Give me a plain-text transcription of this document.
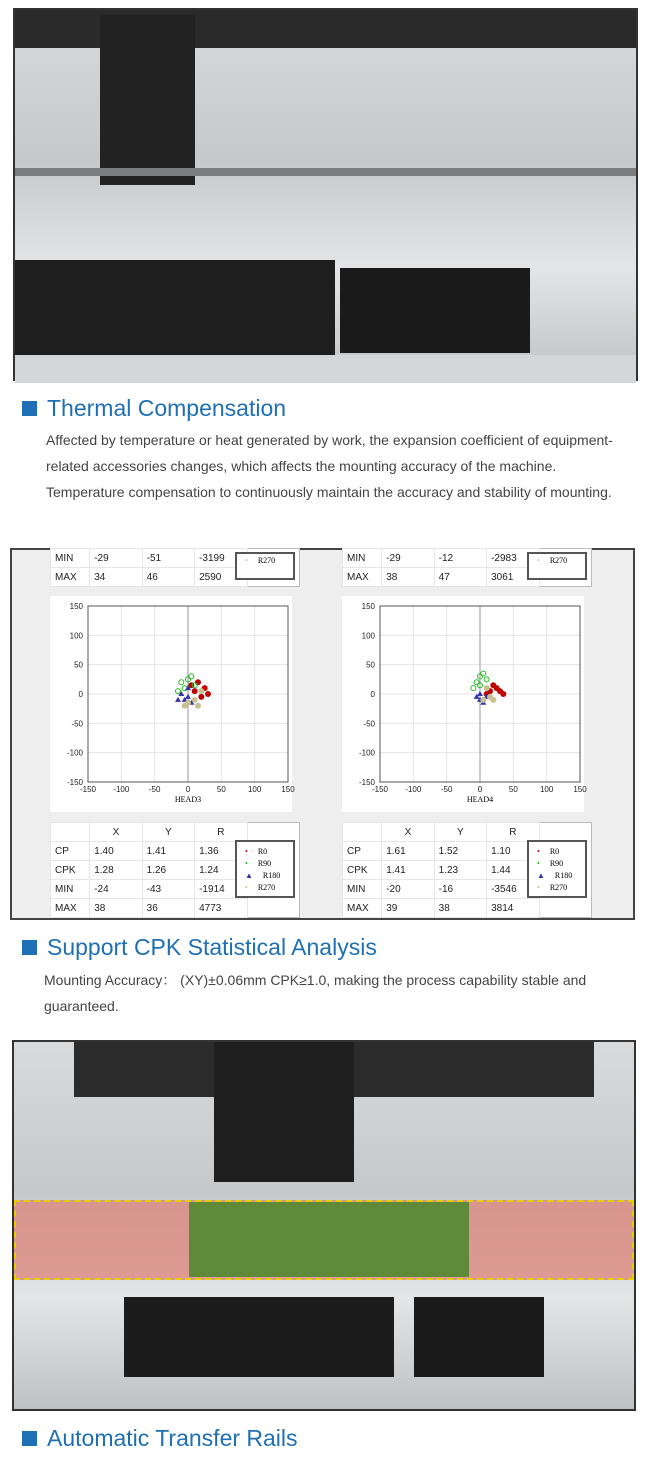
Thermal Compensation
Affected by temperature or heat generated by work, the expansion coefficient of equipment-related accessories changes, which affects the mounting accuracy of the machine. Temperature compensation to continuously maintain the accuracy and stability of mounting.
MIN	-29	-51	-3199	
MAX	34	46	2590	
• R270
-150
-150
-100
-100
-50
-50
0
0
50
50
100
100
150
150
HEAD3
	X	Y	R	
CP	1.40	1.41	1.36	
CPK	1.28	1.26	1.24	
MIN	-24	-43	-1914	
MAX	38	36	4773	
• R0
• R90
▲ R180
• R270
MIN	-29	-12	-2983	
MAX	38	47	3061	
• R270
-150
-150
-100
-100
-50
-50
0
0
50
50
100
100
150
150
HEAD4
	X	Y	R	
CP	1.61	1.52	1.10	
CPK	1.41	1.23	1.44	
MIN	-20	-16	-3546	
MAX	39	38	3814	
• R0
• R90
▲ R180
• R270
Support CPK Statistical Analysis
Mounting Accuracy： (XY)±0.06mm CPK≥1.0, making the process capability stable and guaranteed.
Automatic Transfer Rails
